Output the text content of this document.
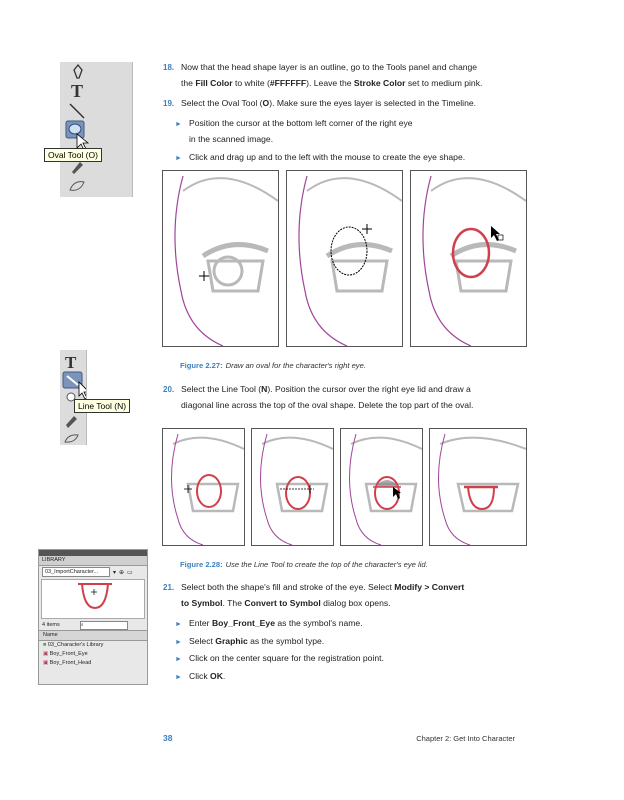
T
Oval Tool (O)
18. Now that the head shape layer is an outline, go to the Tools panel and change
the Fill Color to white (#FFFFFF). Leave the Stroke Color set to medium pink.
19. Select the Oval Tool (O). Make sure the eyes layer is selected in the Timeline.
► Position the cursor at the bottom left corner of the right eye
in the scanned image.
► Click and drag up and to the left with the mouse to create the eye shape.
Figure 2.27: Draw an oval for the character's right eye.
T
Line Tool (N)
20. Select the Line Tool (N). Position the cursor over the right eye lid and draw a
diagonal line across the top of the oval shape. Delete the top part of the oval.
Figure 2.28: Use the Line Tool to create the top of the character's eye lid.
LIBRARY
03_ImportCharacter...	▾ ⊕ ▭
4 items	⌕
Name
■ 03_Character's Library
▣ Boy_Front_Eye
▣ Boy_Front_Head
21. Select both the shape's fill and stroke of the eye. Select Modify > Convert
to Symbol. The Convert to Symbol dialog box opens.
► Enter Boy_Front_Eye as the symbol's name.
► Select Graphic as the symbol type.
► Click on the center square for the registration point.
► Click OK.
38	Chapter 2: Get Into Character
